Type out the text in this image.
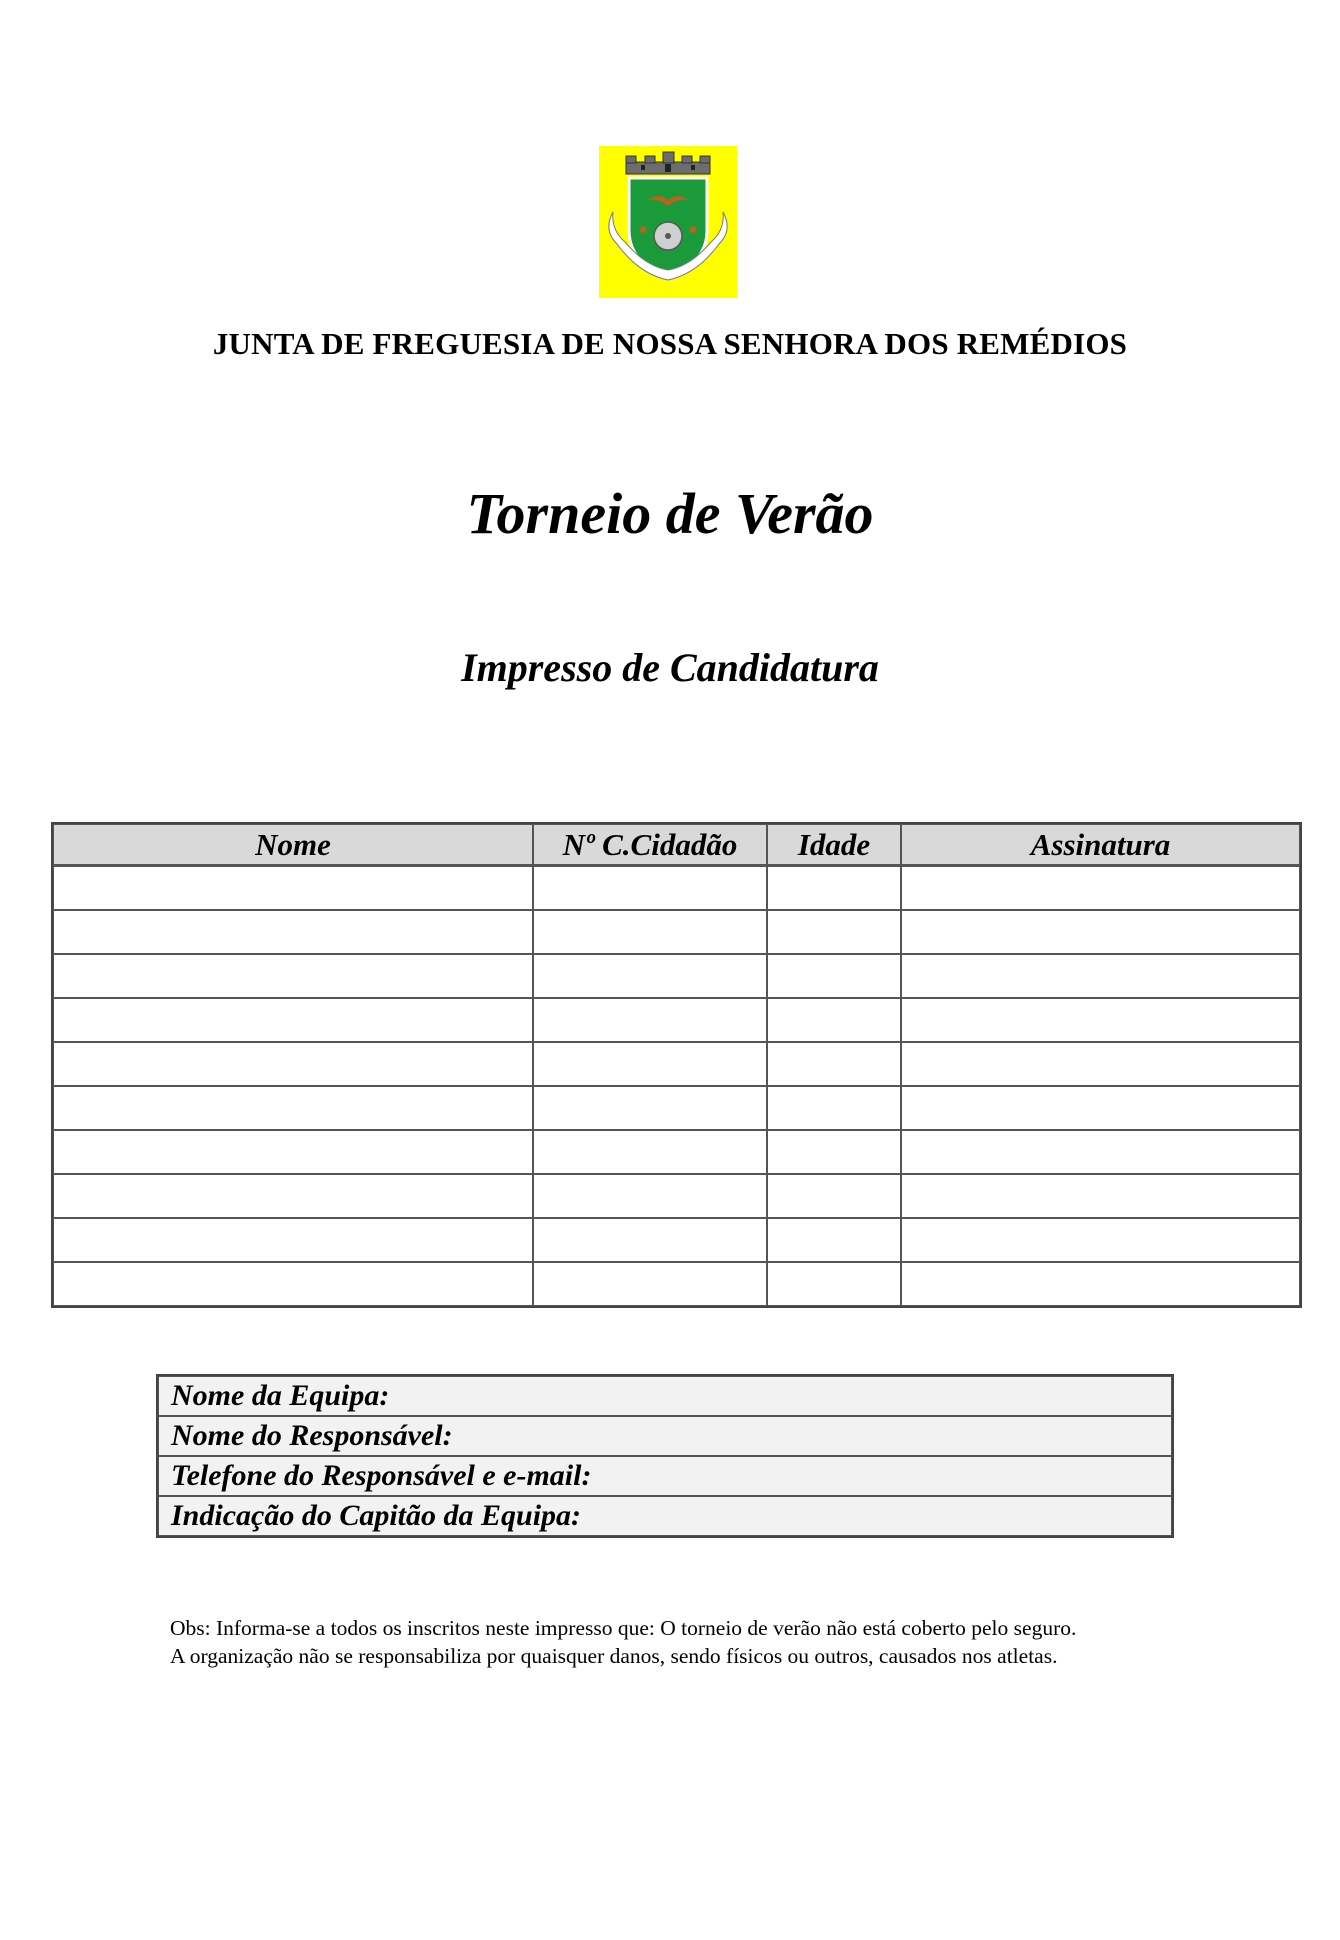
JUNTA DE FREGUESIA DE NOSSA SENHORA DOS REMÉDIOS
Torneio de Verão
Impresso de Candidatura
Nome	Nº C.Cidadão	Idade	Assinatura

Nome da Equipa:
Nome do Responsável:
Telefone do Responsável e e-mail:
Indicação do Capitão da Equipa:
Obs: Informa-se a todos os inscritos neste impresso que: O torneio de verão não está coberto pelo seguro.
A organização não se responsabiliza por quaisquer danos, sendo físicos ou outros, causados nos atletas.
